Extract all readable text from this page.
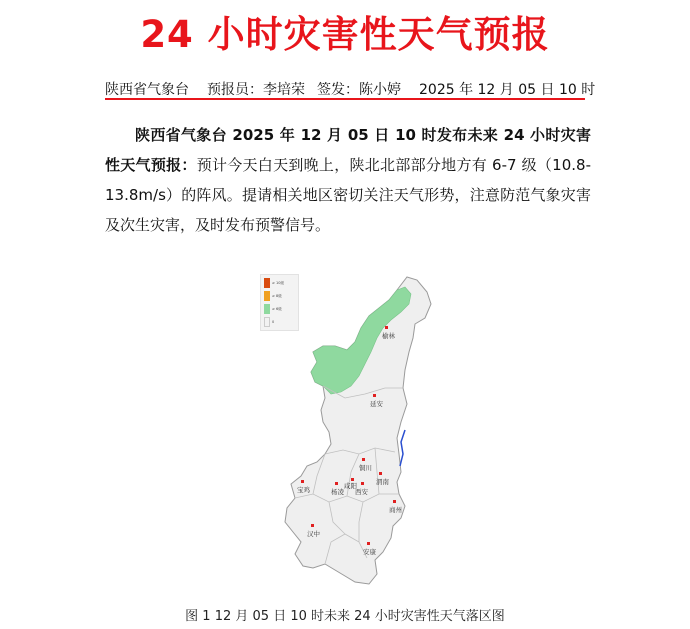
24 小时灾害性天气预报
陕西省气象台 预报员：李培荣 签发：陈小婷 2025 年 12 月 05 日 10 时
陕西省气象台 2025 年 12 月 05 日 10 时发布未来 24 小时灾害性天气预报：预计今天白天到晚上，陕北北部部分地方有 6-7 级（10.8-13.8m/s）的阵风。提请相关地区密切关注天气形势，注意防范气象灾害及次生灾害，及时发布预警信号。
榆林
延安
铜川
宝鸡	杨凌
咸阳
西安
渭南
商州
汉中
安康
≥ 10级
≥ 8级
≥ 6级
0
图 1 12 月 05 日 10 时未来 24 小时灾害性天气落区图
